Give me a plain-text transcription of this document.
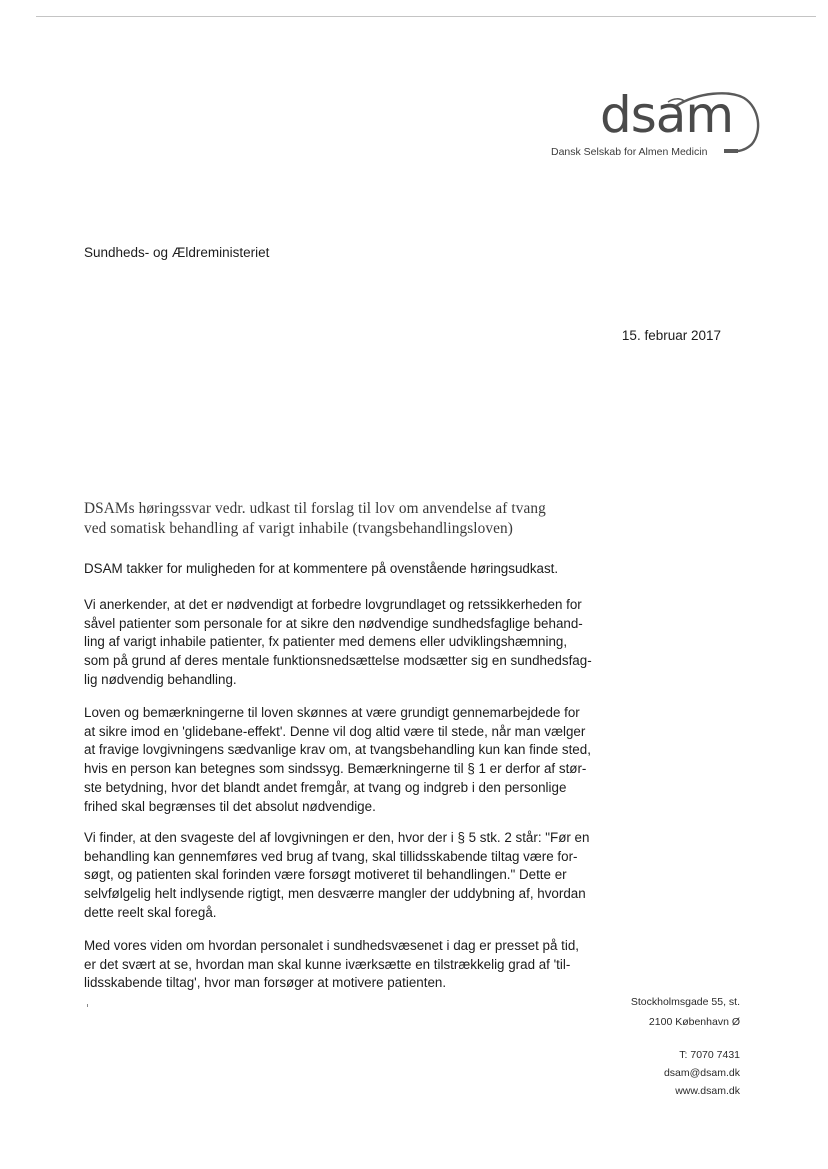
dsam
Dansk Selskab for Almen Medicin
Sundheds- og Ældreministeriet
15. februar 2017
DSAMs høringssvar vedr. udkast til forslag til lov om anvendelse af tvang
ved somatisk behandling af varigt inhabile (tvangsbehandlingsloven)
DSAM takker for muligheden for at kommentere på ovenstående høringsudkast.
Vi anerkender, at det er nødvendigt at forbedre lovgrundlaget og retssikkerheden for
såvel patienter som personale for at sikre den nødvendige sundhedsfaglige behand-
ling af varigt inhabile patienter, fx patienter med demens eller udviklingshæmning,
som på grund af deres mentale funktionsnedsættelse modsætter sig en sundhedsfag-
lig nødvendig behandling.
Loven og bemærkningerne til loven skønnes at være grundigt gennemarbejdede for
at sikre imod en 'glidebane-effekt'. Denne vil dog altid være til stede, når man vælger
at fravige lovgivningens sædvanlige krav om, at tvangsbehandling kun kan finde sted,
hvis en person kan betegnes som sindssyg. Bemærkningerne til § 1 er derfor af stør-
ste betydning, hvor det blandt andet fremgår, at tvang og indgreb i den personlige
frihed skal begrænses til det absolut nødvendige.
Vi finder, at den svageste del af lovgivningen er den, hvor der i § 5 stk. 2 står: "Før en
behandling kan gennemføres ved brug af tvang, skal tillidsskabende tiltag være for-
søgt, og patienten skal forinden være forsøgt motiveret til behandlingen." Dette er
selvfølgelig helt indlysende rigtigt, men desværre mangler der uddybning af, hvordan
dette reelt skal foregå.
Med vores viden om hvordan personalet i sundhedsvæsenet i dag er presset på tid,
er det svært at se, hvordan man skal kunne iværksætte en tilstrækkelig grad af 'til-
lidsskabende tiltag', hvor man forsøger at motivere patienten.
Stockholmsgade 55, st.
2100 København Ø
T: 7070 7431
dsam@dsam.dk
www.dsam.dk
